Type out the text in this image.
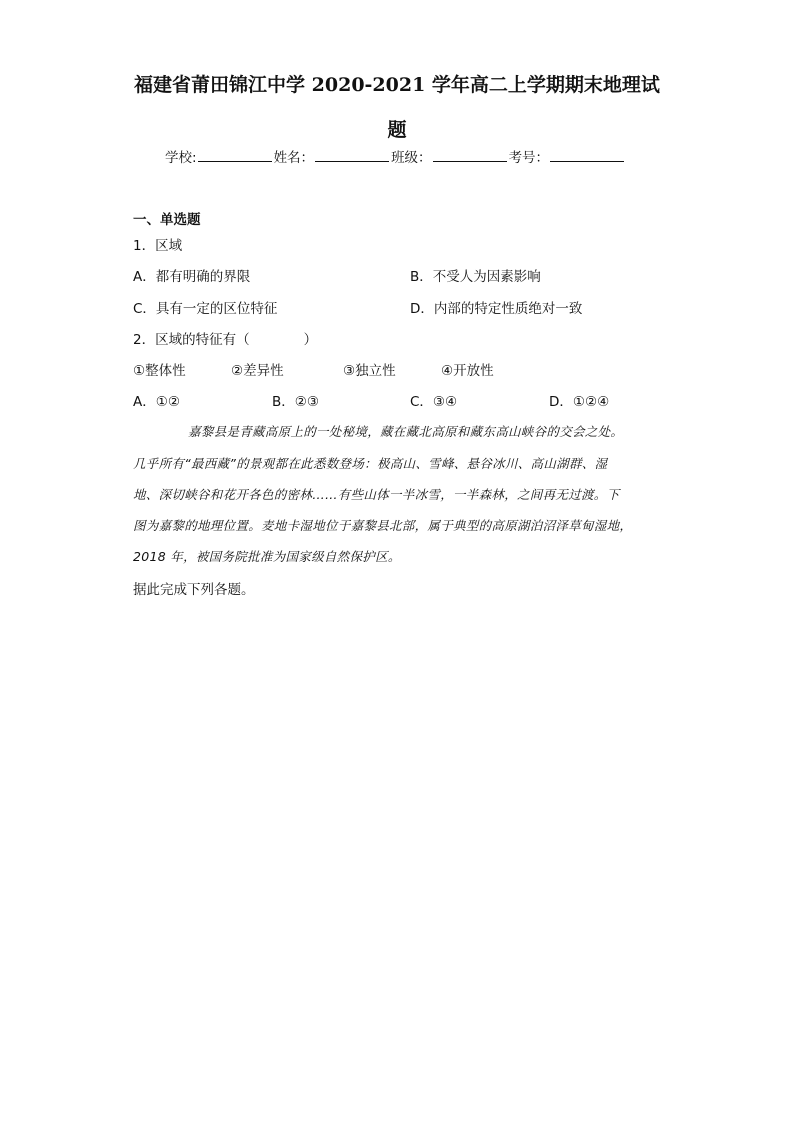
福建省莆田锦江中学 2020-2021 学年高二上学期期末地理试
题
学校:	姓名：	班级：	考号：
一、单选题
1．区域
A．都有明确的界限	B．不受人为因素影响
C．具有一定的区位特征	D．内部的特定性质绝对一致
2．区域的特征有（　　　　）
①整体性	②差异性	③独立性	④开放性
A．①②	B．②③	C．③④	D．①②④
嘉黎县是青藏高原上的一处秘境，藏在藏北高原和藏东高山峡谷的交会之处。
几乎所有“最西藏”的景观都在此悉数登场：极高山、雪峰、悬谷冰川、高山湖群、湿
地、深切峡谷和花开各色的密林……有些山体一半冰雪，一半森林，之间再无过渡。下
图为嘉黎的地理位置。麦地卡湿地位于嘉黎县北部，属于典型的高原湖泊沼泽草甸湿地，
2018 年，被国务院批准为国家级自然保护区。
据此完成下列各题。
